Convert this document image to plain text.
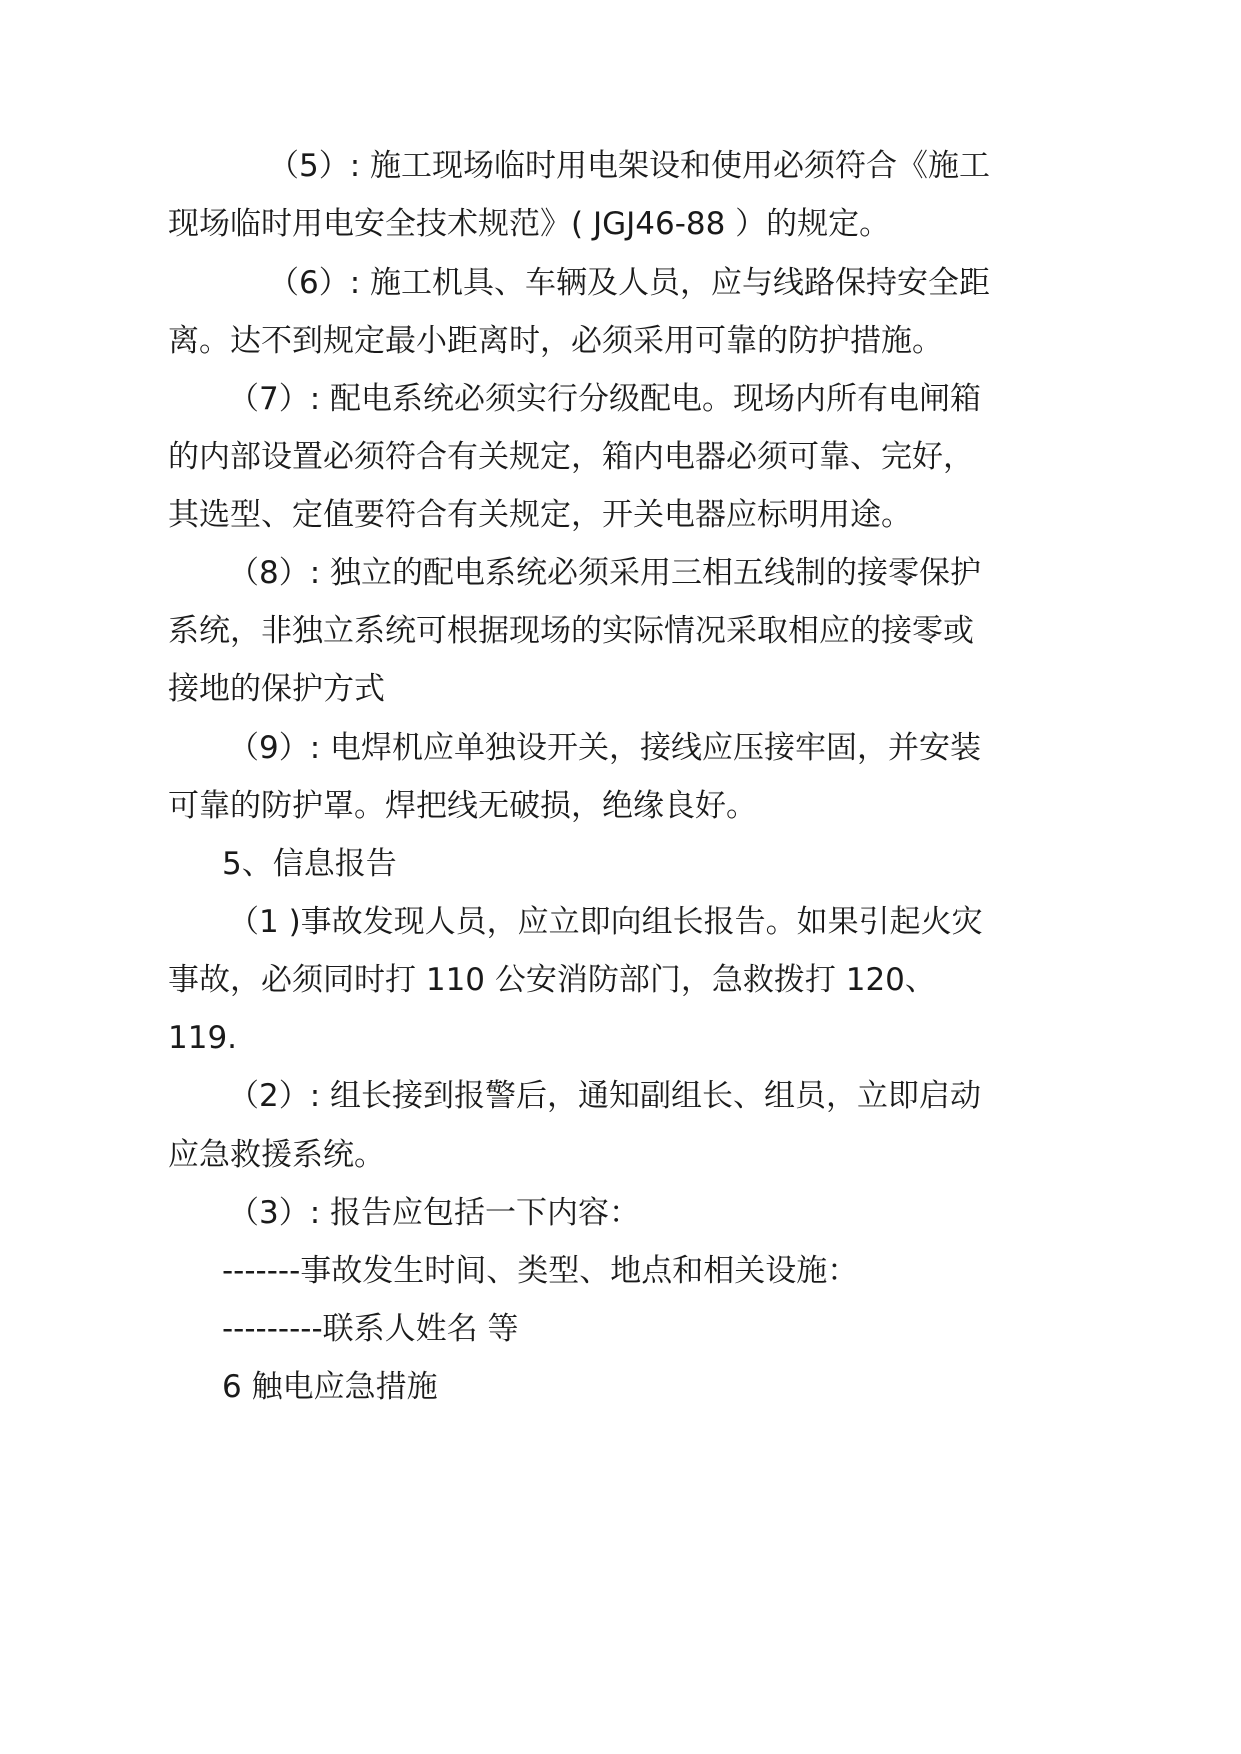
（5）: 施工现场临时用电架设和使用必须符合《施工
现场临时用电安全技术规范》( JGJ46-88 ）的规定。
（6）: 施工机具、车辆及人员，应与线路保持安全距
离。达不到规定最小距离时，必须采用可靠的防护措施。
（7）: 配电系统必须实行分级配电。现场内所有电闸箱
的内部设置必须符合有关规定，箱内电器必须可靠、完好，
其选型、定值要符合有关规定，开关电器应标明用途。
（8）: 独立的配电系统必须采用三相五线制的接零保护
系统，非独立系统可根据现场的实际情况采取相应的接零或
接地的保护方式
（9）: 电焊机应单独设开关，接线应压接牢固，并安装
可靠的防护罩。焊把线无破损，绝缘良好。
5、信息报告
（1 )事故发现人员，应立即向组长报告。如果引起火灾
事故，必须同时打 110 公安消防部门，急救拨打 120、
119.
（2）: 组长接到报警后，通知副组长、组员，立即启动
应急救援系统。
（3）: 报告应包括一下内容：
-------事故发生时间、类型、地点和相关设施：
---------联系人姓名 等
6 触电应急措施
